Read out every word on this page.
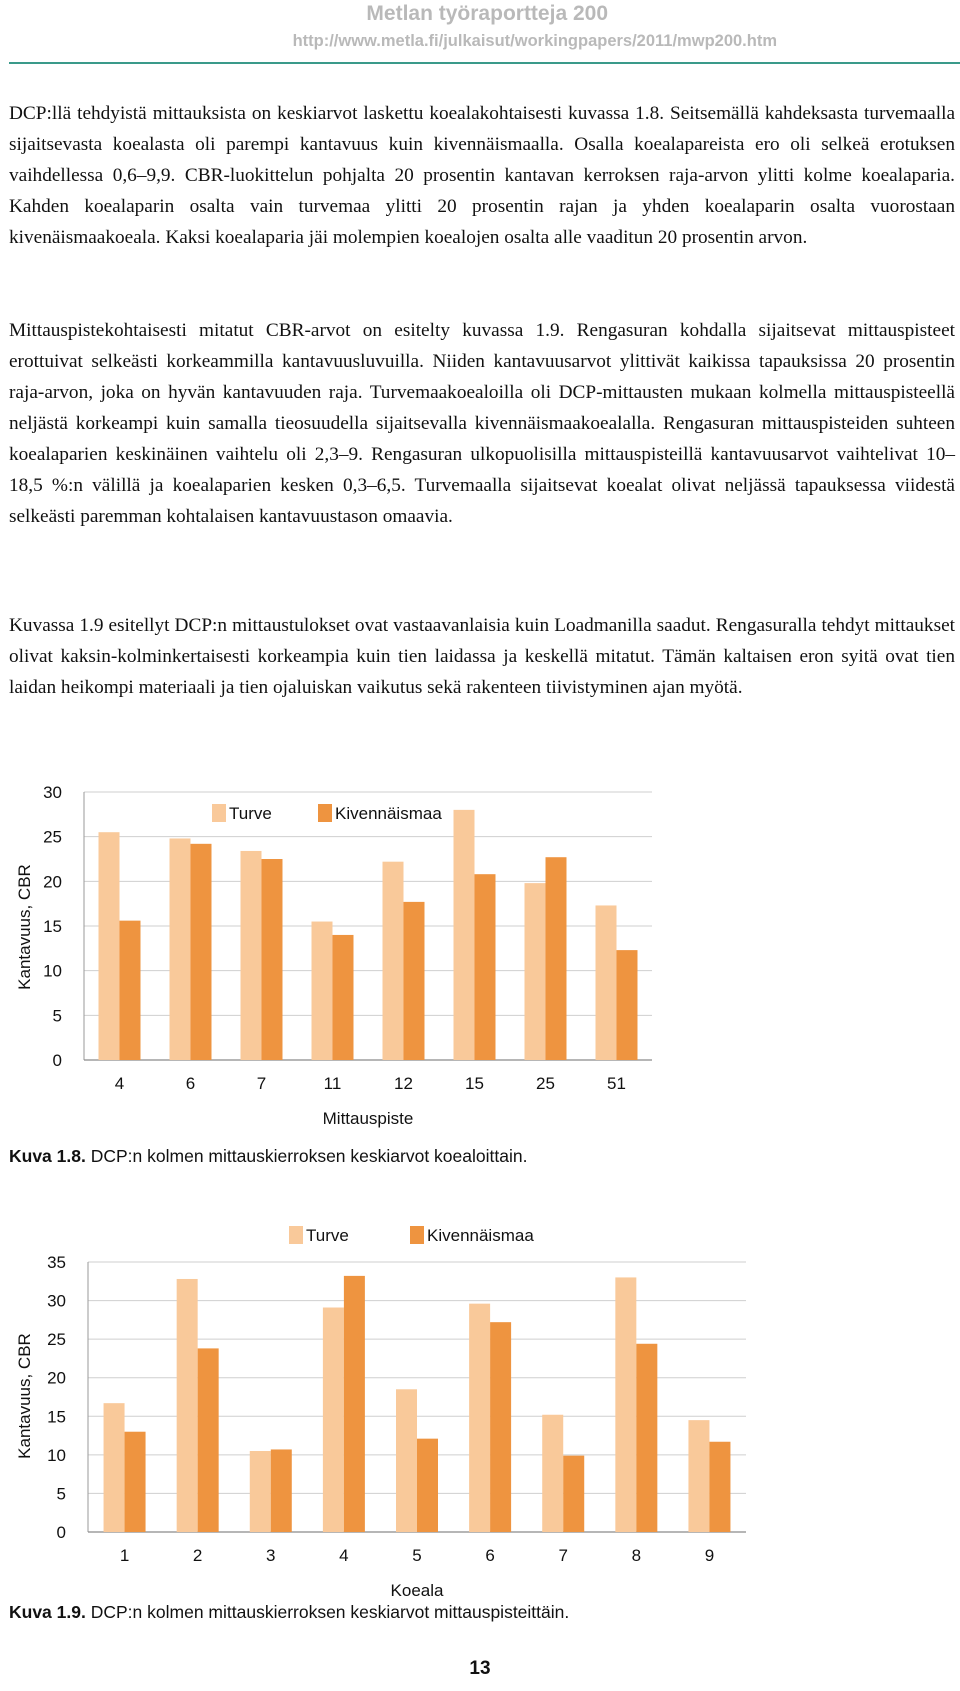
Metlan työraportteja 200
http://www.metla.fi/julkaisut/workingpapers/2011/mwp200.htm

DCP:llä tehdyistä mittauksista on keskiarvot laskettu koealakohtaisesti kuvassa 1.8. Seitsemällä kahdeksasta turvemaalla sijaitsevasta koealasta oli parempi kantavuus kuin kivennäismaalla. Osalla koealapareista ero oli selkeä erotuksen vaihdellessa 0,6–9,9. CBR-luokittelun pohjalta 20 prosentin kantavan kerroksen raja-arvon ylitti kolme koealaparia. Kahden koealaparin osalta vain turvemaa ylitti 20 prosentin rajan ja yhden koealaparin osalta vuorostaan kivenäismaakoeala. Kaksi koealaparia jäi molempien koealojen osalta alle vaaditun 20 prosentin arvon.

Mittauspistekohtaisesti mitatut CBR-arvot on esitelty kuvassa 1.9. Rengasuran kohdalla sijaitsevat mittauspisteet erottuivat selkeästi korkeammilla kantavuusluvuilla. Niiden kantavuusarvot ylittivät kaikissa tapauksissa 20 prosentin raja-arvon, joka on hyvän kantavuuden raja. Turvemaakoealoilla oli DCP-mittausten mukaan kolmella mittauspisteellä neljästä korkeampi kuin samalla tieosuudella sijaitsevalla kivennäismaakoealalla. Rengasuran mittauspisteiden suhteen koealaparien keskinäinen vaihtelu oli 2,3–9. Rengasuran ulkopuolisilla mittauspisteillä kantavuusarvot vaihtelivat 10–18,5 %:n välillä ja koealaparien kesken 0,3–6,5. Turvemaalla sijaitsevat koealat olivat neljässä tapauksessa viidestä selkeästi paremman kohtalaisen kantavuustason omaavia.

Kuvassa 1.9 esitellyt DCP:n mittaustulokset ovat vastaavanlaisia kuin Loadmanilla saadut. Rengasuralla tehdyt mittaukset olivat kaksin-kolminkertaisesti korkeampia kuin tien laidassa ja keskellä mitatut. Tämän kaltaisen eron syitä ovat tien laidan heikompi materiaali ja tien ojaluiskan vaikutus sekä rakenteen tiivistyminen ajan myötä.

0
5
10
15
20
25
30
4	6	7	11	12	15	25	51
Mittauspiste
Kantavuus, CBR
Turve	Kivennäismaa
Kuva 1.8. DCP:n kolmen mittauskierroksen keskiarvot koealoittain.
0
5
10
15
20
25
30
35
1	2	3	4	5	6	7	8	9
Koeala
Kantavuus, CBR
Turve	Kivennäismaa
Kuva 1.9. DCP:n kolmen mittauskierroksen keskiarvot mittauspisteittäin.
13
